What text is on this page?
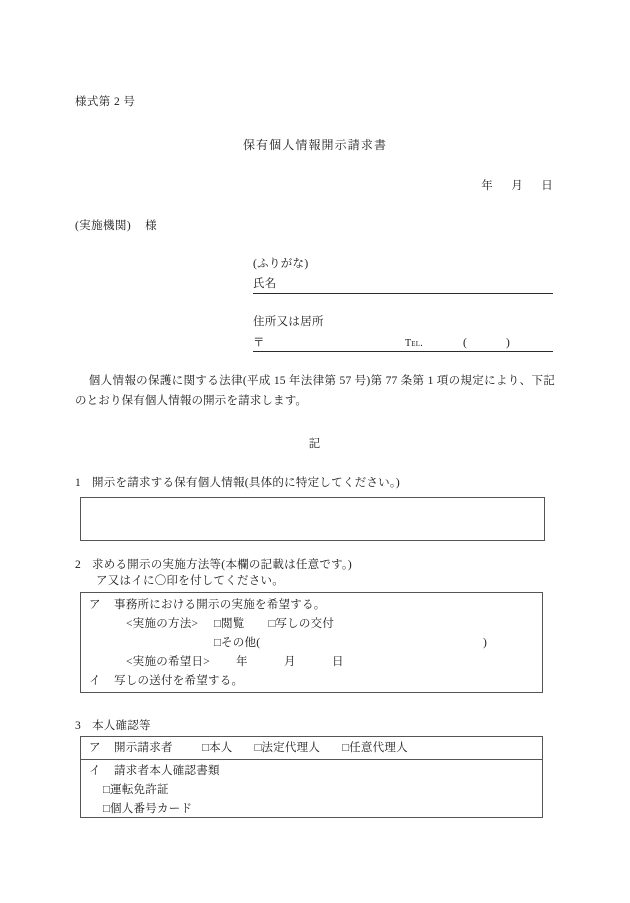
様式第 2 号
保有個人情報開示請求書
年 月 日
(実施機関) 様
(ふりがな)
氏名
住所又は居所
〒	Tel.	(	)
個人情報の保護に関する法律(平成 15 年法律第 57 号)第 77 条第 1 項の規定により、下記のとおり保有個人情報の開示を請求します。
記
1 開示を請求する保有個人情報(具体的に特定してください。)
2 求める開示の実施方法等(本欄の記載は任意です。)
ア又はイに〇印を付してください。
ア 事務所における開示の実施を希望する。
<実施の方法> □閲覧 □写しの交付
□その他(	)
<実施の希望日> 年	月	日
イ 写しの送付を希望する。
3 本人確認等
ア 開示請求者	□本人 □法定代理人 □任意代理人
イ 請求者本人確認書類
□運転免許証
□個人番号カード
